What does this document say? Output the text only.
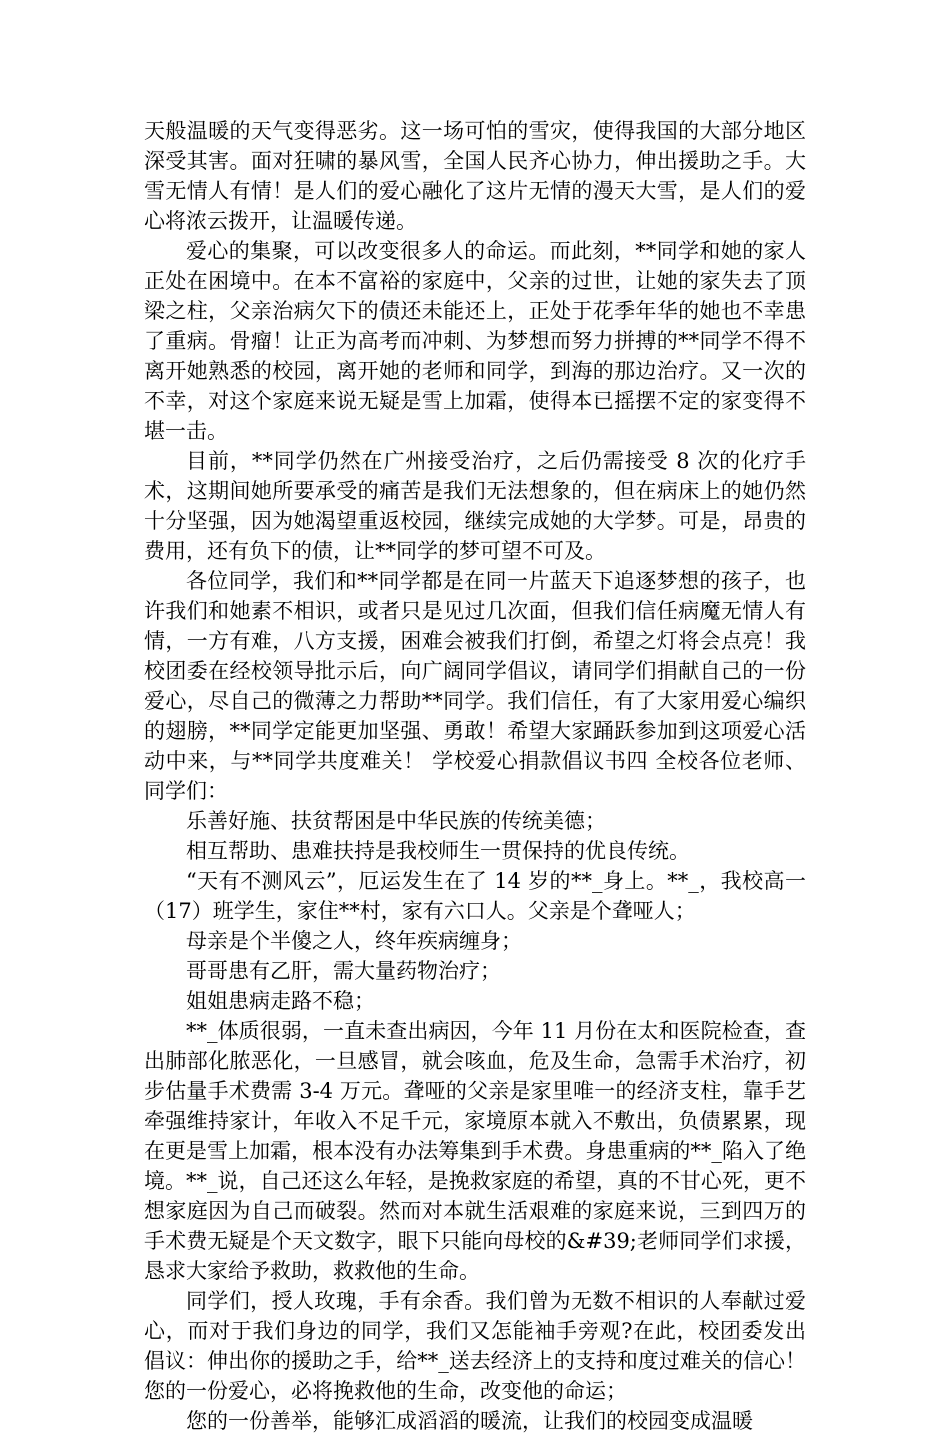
天般温暖的天气变得恶劣。这一场可怕的雪灾，使得我国的大部分地区深受其害。面对狂啸的暴风雪，全国人民齐心协力，伸出援助之手。大雪无情人有情！是人们的爱心融化了这片无情的漫天大雪，是人们的爱心将浓云拨开，让温暖传递。

爱心的集聚，可以改变很多人的命运。而此刻，**同学和她的家人正处在困境中。在本不富裕的家庭中，父亲的过世，让她的家失去了顶梁之柱，父亲治病欠下的债还未能还上，正处于花季年华的她也不幸患了重病。骨瘤！让正为高考而冲刺、为梦想而努力拼搏的**同学不得不离开她熟悉的校园，离开她的老师和同学，到海的那边治疗。又一次的不幸，对这个家庭来说无疑是雪上加霜，使得本已摇摆不定的家变得不堪一击。

目前，**同学仍然在广州接受治疗，之后仍需接受 8 次的化疗手术，这期间她所要承受的痛苦是我们无法想象的，但在病床上的她仍然十分坚强，因为她渴望重返校园，继续完成她的大学梦。可是，昂贵的费用，还有负下的债，让**同学的梦可望不可及。

各位同学，我们和**同学都是在同一片蓝天下追逐梦想的孩子，也许我们和她素不相识，或者只是见过几次面，但我们信任病魔无情人有情，一方有难，八方支援，困难会被我们打倒，希望之灯将会点亮！我校团委在经校领导批示后，向广阔同学倡议，请同学们捐献自己的一份爱心，尽自己的微薄之力帮助**同学。我们信任，有了大家用爱心编织的翅膀，**同学定能更加坚强、勇敢！希望大家踊跃参加到这项爱心活动中来，与**同学共度难关！ 学校爱心捐款倡议书四 全校各位老师、同学们：

乐善好施、扶贫帮困是中华民族的传统美德；

相互帮助、患难扶持是我校师生一贯保持的优良传统。

“天有不测风云”，厄运发生在了 14 岁的**_身上。**_，我校高一（17）班学生，家住**村，家有六口人。父亲是个聋哑人；

母亲是个半傻之人，终年疾病缠身；

哥哥患有乙肝，需大量药物治疗；

姐姐患病走路不稳；

**_体质很弱，一直未查出病因，今年 11 月份在太和医院检查，查出肺部化脓恶化，一旦感冒，就会咳血，危及生命，急需手术治疗，初步估量手术费需 3-4 万元。聋哑的父亲是家里唯一的经济支柱，靠手艺牵强维持家计，年收入不足千元，家境原本就入不敷出，负债累累，现在更是雪上加霜，根本没有办法筹集到手术费。身患重病的**_陷入了绝境。**_说，自己还这么年轻，是挽救家庭的希望，真的不甘心死，更不想家庭因为自己而破裂。然而对本就生活艰难的家庭来说，三到四万的手术费无疑是个天文数字，眼下只能向母校的&#39;老师同学们求援，恳求大家给予救助，救救他的生命。

同学们，授人玫瑰，手有余香。我们曾为无数不相识的人奉献过爱心，而对于我们身边的同学，我们又怎能袖手旁观?在此，校团委发出倡议：伸出你的援助之手，给**_送去经济上的支持和度过难关的信心！您的一份爱心，必将挽救他的生命，改变他的命运；

您的一份善举，能够汇成滔滔的暖流，让我们的校园变成温暖
